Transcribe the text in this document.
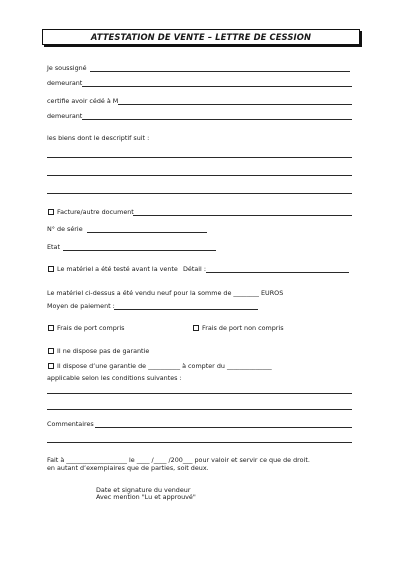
ATTESTATION DE VENTE – LETTRE DE CESSION
Je soussigné
demeurant
certifie avoir cédé à M
demeurant
les biens dont le descriptif suit :
Facture/autre document
N° de série
Etat
Le matériel a été testé avant la vente Détail :
Le matériel ci-dessus a été vendu neuf pour la somme de ________ EUROS
Moyen de paiement :
Frais de port compris	Frais de port non compris
Il ne dispose pas de garantie
Il dispose d’une garantie de __________ à compter du ______________
applicable selon les conditions suivantes :
Commentaires
Fait à ___________________ le ____ /____ /200___ pour valoir et servir ce que de droit.
en autant d’exemplaires que de parties, soit deux.
Date et signature du vendeur
Avec mention "Lu et approuvé"
